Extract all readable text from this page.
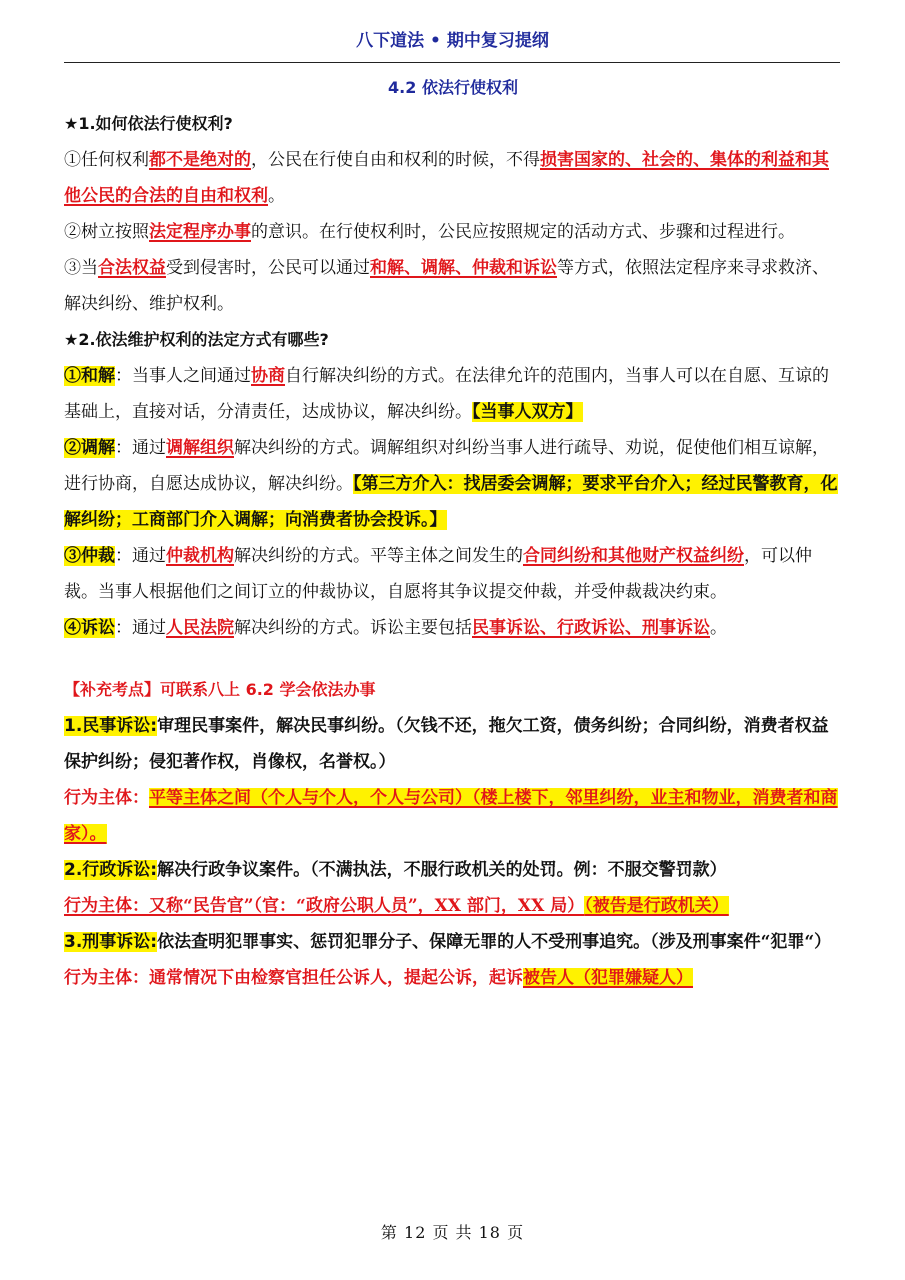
八下道法 • 期中复习提纲
4.2 依法行使权利

★1.如何依法行使权利?

①任何权利都不是绝对的，公民在行使自由和权利的时候，不得损害国家的、社会的、集体的利益和其他公民的合法的自由和权利。

②树立按照法定程序办事的意识。在行使权利时，公民应按照规定的活动方式、步骤和过程进行。

③当合法权益受到侵害时，公民可以通过和解、调解、仲裁和诉讼等方式，依照法定程序来寻求救济、解决纠纷、维护权利。

★2.依法维护权利的法定方式有哪些?

①和解：当事人之间通过协商自行解决纠纷的方式。在法律允许的范围内，当事人可以在自愿、互谅的基础上，直接对话，分清责任，达成协议，解决纠纷。【当事人双方】

②调解：通过调解组织解决纠纷的方式。调解组织对纠纷当事人进行疏导、劝说，促使他们相互谅解，进行协商，自愿达成协议，解决纠纷。【第三方介入：找居委会调解；要求平台介入；经过民警教育，化解纠纷；工商部门介入调解；向消费者协会投诉。】

③仲裁：通过仲裁机构解决纠纷的方式。平等主体之间发生的合同纠纷和其他财产权益纠纷，可以仲裁。当事人根据他们之间订立的仲裁协议，自愿将其争议提交仲裁，并受仲裁裁决约束。

④诉讼：通过人民法院解决纠纷的方式。诉讼主要包括民事诉讼、行政诉讼、刑事诉讼。

【补充考点】可联系八上 6.2 学会依法办事

1.民事诉讼:审理民事案件，解决民事纠纷。（欠钱不还，拖欠工资，债务纠纷；合同纠纷，消费者权益保护纠纷；侵犯著作权，肖像权，名誉权。）

行为主体：平等主体之间（个人与个人，个人与公司）（楼上楼下，邻里纠纷，业主和物业，消费者和商家）。

2.行政诉讼:解决行政争议案件。（不满执法，不服行政机关的处罚。例：不服交警罚款）

行为主体：又称“民告官”（官：“政府公职人员”，XX 部门，XX 局）（被告是行政机关）

3.刑事诉讼:依法查明犯罪事实、惩罚犯罪分子、保障无罪的人不受刑事追究。（涉及刑事案件“犯罪“）

行为主体：通常情况下由检察官担任公诉人，提起公诉，起诉被告人（犯罪嫌疑人）

第 12 页 共 18 页
